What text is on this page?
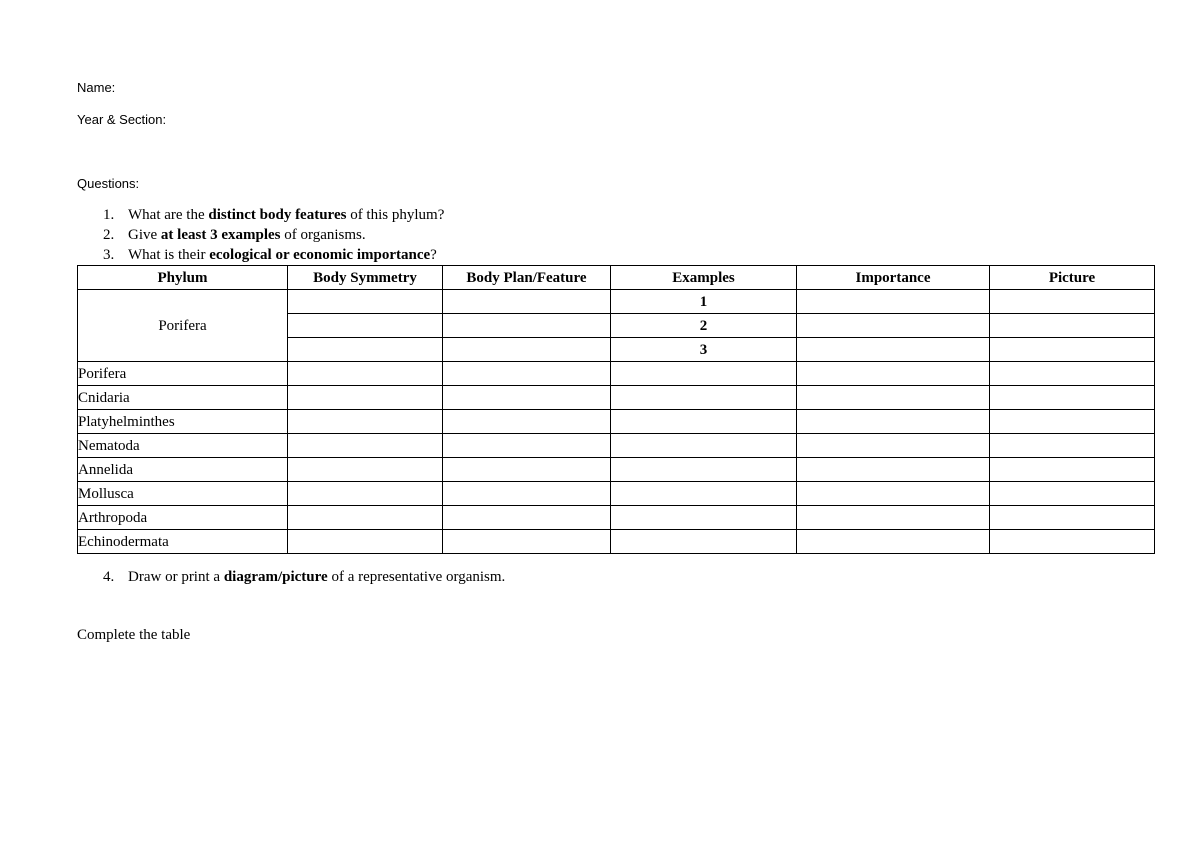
Name:
Year & Section:
Questions:
1. What are the distinct body features of this phylum?
2. Give at least 3 examples of organisms.
3. What is their ecological or economic importance?
Phylum	Body Symmetry	Body Plan/Feature	Examples	Importance	Picture
Porifera			1		
			2		
			3		
Porifera					
Cnidaria					
Platyhelminthes					
Nematoda					
Annelida					
Mollusca					
Arthropoda					
Echinodermata					
4. Draw or print a diagram/picture of a representative organism.
Complete the table
